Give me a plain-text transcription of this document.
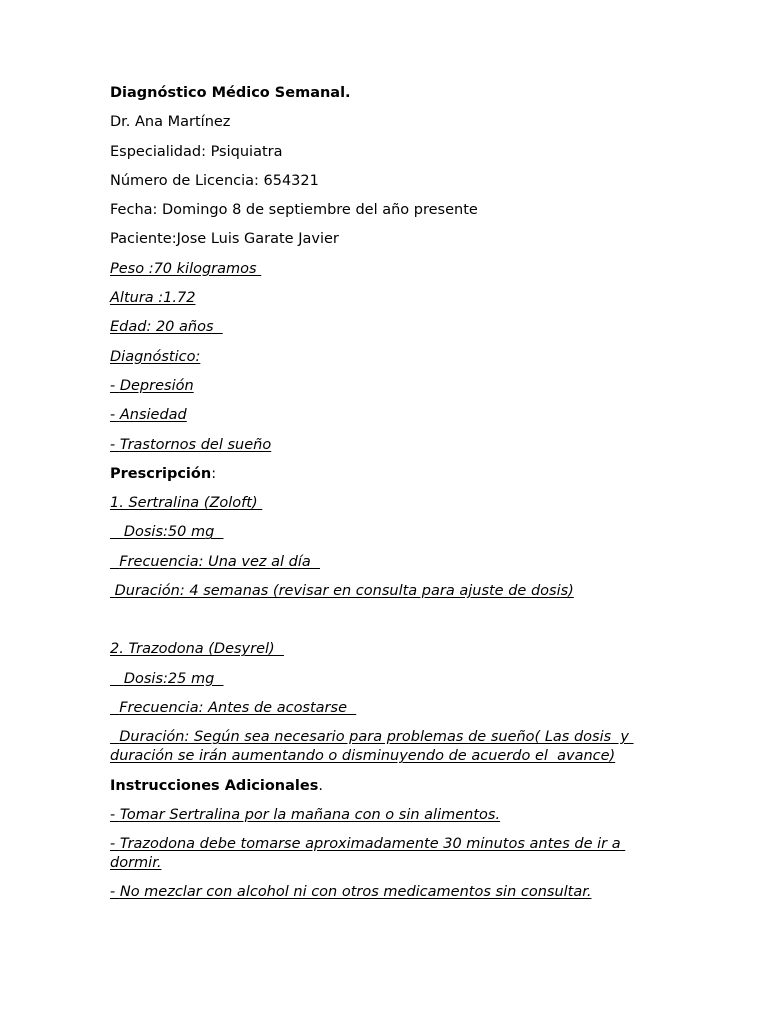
Diagnóstico Médico Semanal.

Dr. Ana Martínez

Especialidad: Psiquiatra

Número de Licencia: 654321

Fecha: Domingo 8 de septiembre del año presente

Paciente:Jose Luis Garate Javier

Peso :70 kilogramos

Altura :1.72

Edad: 20 años

Diagnóstico:

- Depresión

- Ansiedad

- Trastornos del sueño

Prescripción:

1. Sertralina (Zoloft)

Dosis:50 mg

Frecuencia: Una vez al día

Duración: 4 semanas (revisar en consulta para ajuste de dosis)

2. Trazodona (Desyrel)

Dosis:25 mg

Frecuencia: Antes de acostarse

Duración: Según sea necesario para problemas de sueño( Las dosis  y duración se irán aumentando o disminuyendo de acuerdo el  avance)

Instrucciones Adicionales.

- Tomar Sertralina por la mañana con o sin alimentos.

- Trazodona debe tomarse aproximadamente 30 minutos antes de ir a dormir.

- No mezclar con alcohol ni con otros medicamentos sin consultar.
